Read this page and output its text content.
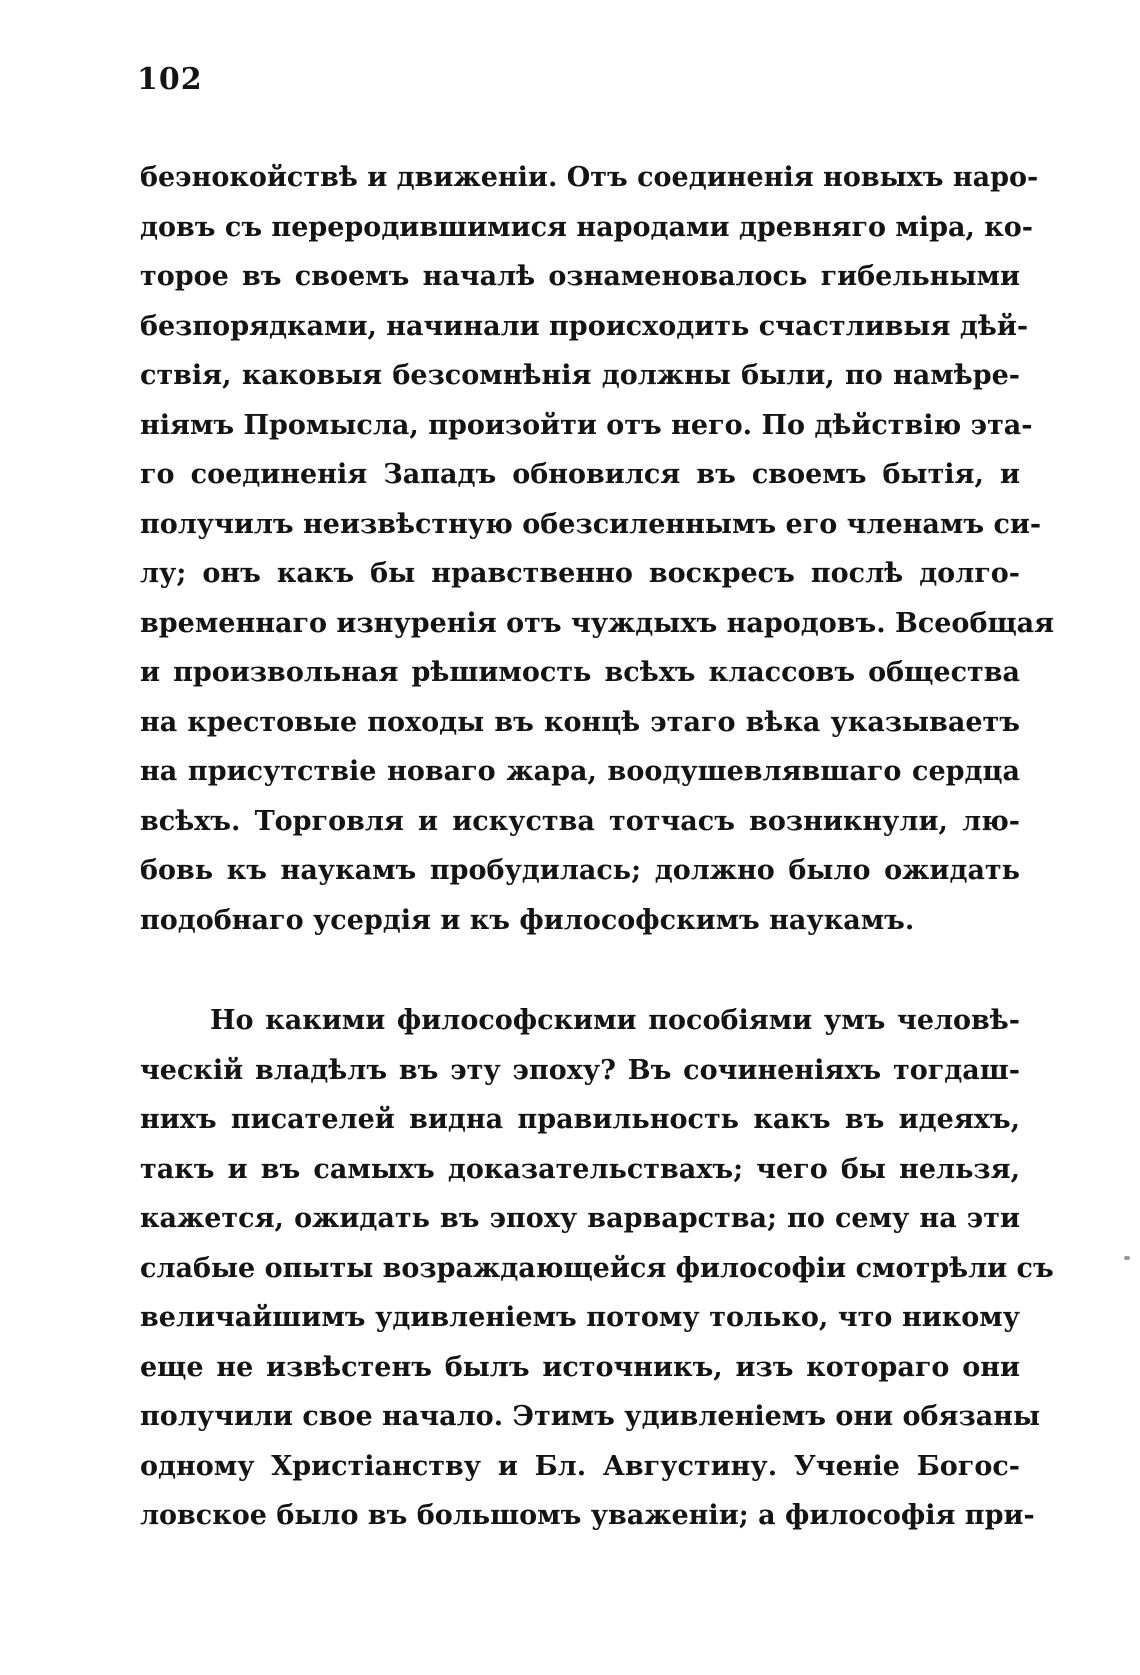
102
беэнокойствѣ и движеніи. Отъ соединенія новыхъ наро-
довъ съ переродившимися народами древняго міра, ко-
торое въ своемъ началѣ ознаменовалось гибельными
безпорядками, начинали происходить счастливыя дѣй-
ствія, каковыя безсомнѣнія должны были, по намѣре-
ніямъ Промысла, произойти отъ него. По дѣйствію эта-
го соединенія Западъ обновился въ своемъ бытія, и
получилъ неизвѣстную обезсиленнымъ его членамъ си-
лу; онъ какъ бы нравственно воскресъ послѣ долго-
временнаго изнуренія отъ чуждыхъ народовъ. Всеобщая
и произвольная рѣшимость всѣхъ классовъ общества
на крестовые походы въ концѣ этаго вѣка указываетъ
на присутствіе новаго жара, воодушевлявшаго сердца
всѣхъ. Торговля и искуства тотчасъ возникнули, лю-
бовь къ наукамъ пробудилась; должно было ожидать
подобнаго усердія и къ философскимъ наукамъ.
Но какими философскими пособіями умъ человѣ-
ческій владѣлъ въ эту эпоху? Въ сочиненіяхъ тогдаш-
нихъ писателей видна правильность какъ въ идеяхъ,
такъ и въ самыхъ доказательствахъ; чего бы нельзя,
кажется, ожидать въ эпоху варварства; по сему на эти
слабые опыты возраждающейся философіи смотрѣли съ
величайшимъ удивленіемъ потому только, что никому
еще не извѣстенъ былъ источникъ, изъ котораго они
получили свое начало. Этимъ удивленіемъ они обязаны
одному Христіанству и Бл. Августину. Ученіе Богос-
ловское было въ большомъ уваженіи; а философія при-
